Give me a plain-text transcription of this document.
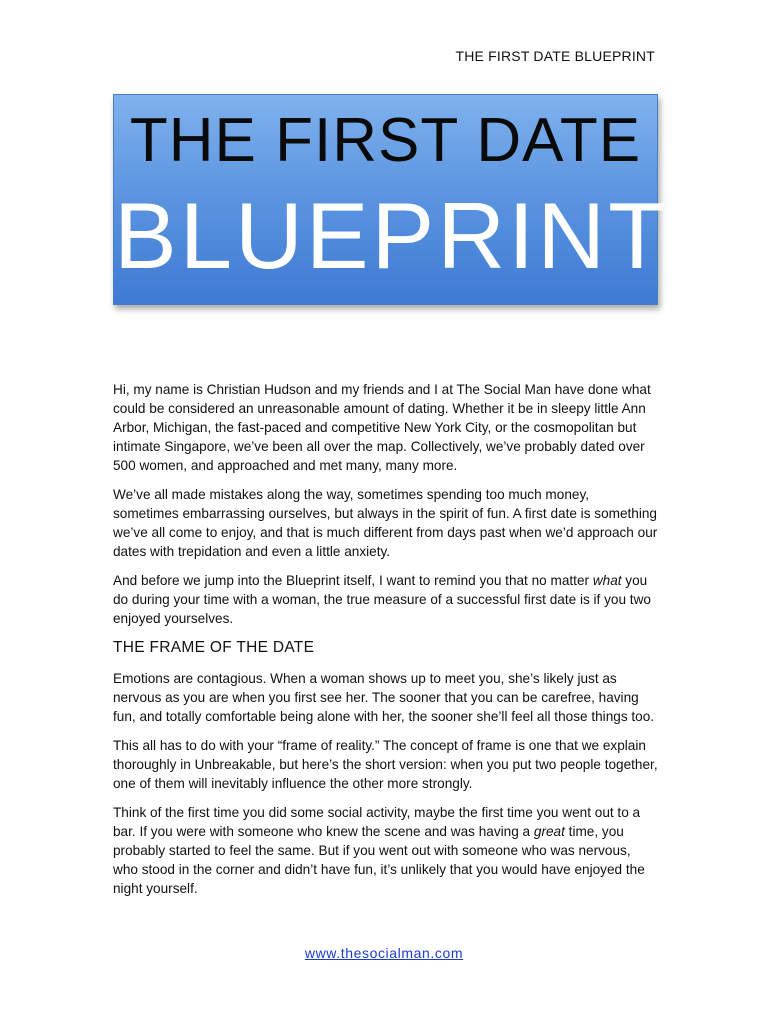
THE FIRST DATE BLUEPRINT
THE FIRST DATE
BLUEPRINT

Hi, my name is Christian Hudson and my friends and I at The Social Man have done what could be considered an unreasonable amount of dating. Whether it be in sleepy little Ann Arbor, Michigan, the fast-paced and competitive New York City, or the cosmopolitan but intimate Singapore, we’ve been all over the map. Collectively, we’ve probably dated over 500 women, and approached and met many, many more.

We’ve all made mistakes along the way, sometimes spending too much money, sometimes embarrassing ourselves, but always in the spirit of fun. A first date is something we’ve all come to enjoy, and that is much different from days past when we’d approach our dates with trepidation and even a little anxiety.

And before we jump into the Blueprint itself, I want to remind you that no matter what you do during your time with a woman, the true measure of a successful first date is if you two enjoyed yourselves.

THE FRAME OF THE DATE

Emotions are contagious. When a woman shows up to meet you, she’s likely just as nervous as you are when you first see her. The sooner that you can be carefree, having fun, and totally comfortable being alone with her, the sooner she’ll feel all those things too.

This all has to do with your “frame of reality.” The concept of frame is one that we explain thoroughly in Unbreakable, but here’s the short version: when you put two people together, one of them will inevitably influence the other more strongly.

Think of the first time you did some social activity, maybe the first time you went out to a bar. If you were with someone who knew the scene and was having a great time, you probably started to feel the same. But if you went out with someone who was nervous, who stood in the corner and didn’t have fun, it’s unlikely that you would have enjoyed the night yourself.

www.thesocialman.com
